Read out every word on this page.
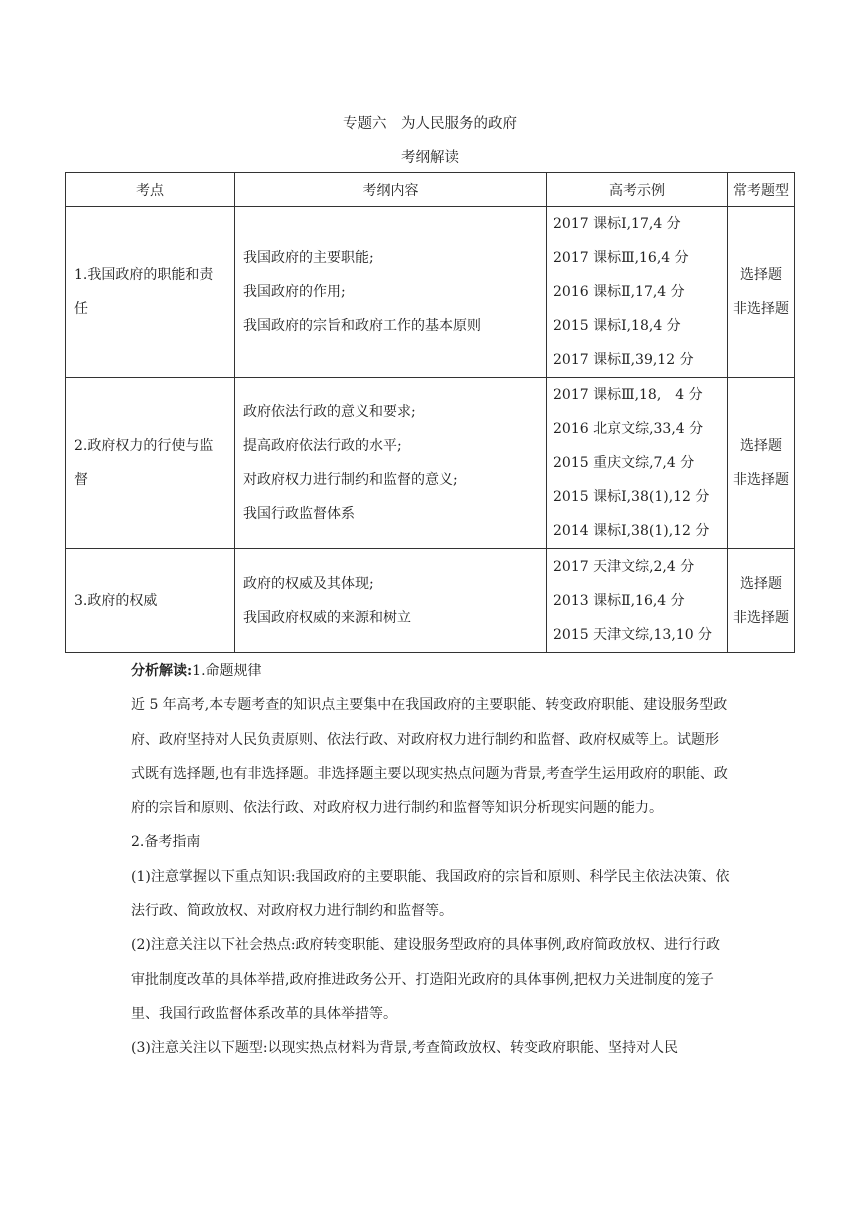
专题六　为人民服务的政府
考纲解读
考点	考纲内容	高考示例	常考题型
1.我国政府的职能和责任	我国政府的主要职能;
我国政府的作用;
我国政府的宗旨和政府工作的基本原则	2017 课标Ⅰ,17,4 分
2017 课标Ⅲ,16,4 分
2016 课标Ⅱ,17,4 分
2015 课标Ⅰ,18,4 分
2017 课标Ⅱ,39,12 分	选择题
非选择题

2.政府权力的行使与监督	政府依法行政的意义和要求;
提高政府依法行政的水平;
对政府权力进行制约和监督的意义;
我国行政监督体系	2017 课标Ⅲ,18,　4 分
2016 北京文综,33,4 分
2015 重庆文综,7,4 分
2015 课标Ⅰ,38(1),12 分
2014 课标Ⅰ,38(1),12 分	选择题
非选择题

3.政府的权威	政府的权威及其体现;
我国政府权威的来源和树立	2017 天津文综,2,4 分
2013 课标Ⅱ,16,4 分
2015 天津文综,13,10 分	选择题
非选择题

分析解读:1.命题规律

近 5 年高考,本专题考查的知识点主要集中在我国政府的主要职能、转变政府职能、建设服务型政府、政府坚持对人民负责原则、依法行政、对政府权力进行制约和监督、政府权威等上。试题形式既有选择题,也有非选择题。非选择题主要以现实热点问题为背景,考查学生运用政府的职能、政府的宗旨和原则、依法行政、对政府权力进行制约和监督等知识分析现实问题的能力。

2.备考指南

(1)注意掌握以下重点知识:我国政府的主要职能、我国政府的宗旨和原则、科学民主依法决策、依法行政、简政放权、对政府权力进行制约和监督等。

(2)注意关注以下社会热点:政府转变职能、建设服务型政府的具体事例,政府简政放权、进行行政审批制度改革的具体举措,政府推进政务公开、打造阳光政府的具体事例,把权力关进制度的笼子里、我国行政监督体系改革的具体举措等。

(3)注意关注以下题型:以现实热点材料为背景,考查简政放权、转变政府职能、坚持对人民
